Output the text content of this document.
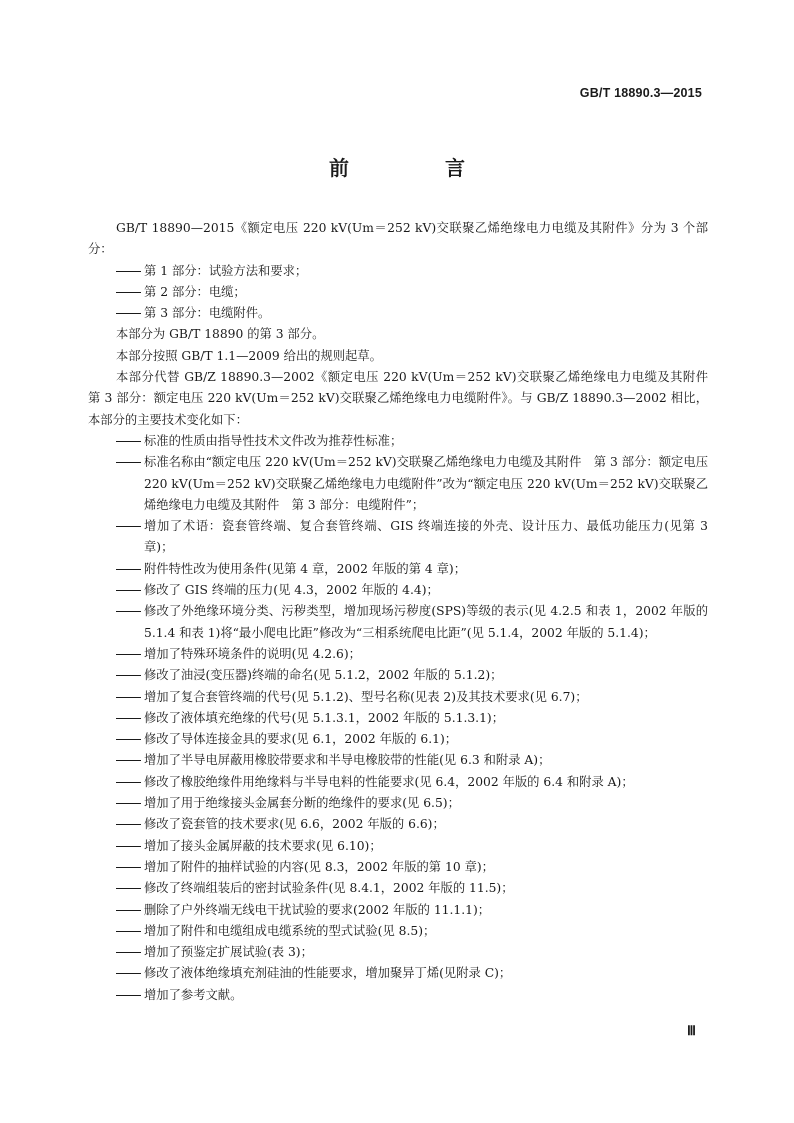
GB/T 18890.3—2015
前　言

GB/T 18890—2015《额定电压 220 kV(Um＝252 kV)交联聚乙烯绝缘电力电缆及其附件》分为 3 个部分：

第 1 部分：试验方法和要求；
第 2 部分：电缆；
第 3 部分：电缆附件。

本部分为 GB/T 18890 的第 3 部分。

本部分按照 GB/T 1.1—2009 给出的规则起草。

本部分代替 GB/Z 18890.3—2002《额定电压 220 kV(Um＝252 kV)交联聚乙烯绝缘电力电缆及其附件　第 3 部分：额定电压 220 kV(Um＝252 kV)交联聚乙烯绝缘电力电缆附件》。与 GB/Z 18890.3—2002 相比，本部分的主要技术变化如下：

标准的性质由指导性技术文件改为推荐性标准；
标准名称由“额定电压 220 kV(Um＝252 kV)交联聚乙烯绝缘电力电缆及其附件　第 3 部分：额定电压 220 kV(Um＝252 kV)交联聚乙烯绝缘电力电缆附件”改为“额定电压 220 kV(Um＝252 kV)交联聚乙烯绝缘电力电缆及其附件　第 3 部分：电缆附件”；
增加了术语：瓷套管终端、复合套管终端、GIS 终端连接的外壳、设计压力、最低功能压力(见第 3 章)；
附件特性改为使用条件(见第 4 章，2002 年版的第 4 章)；
修改了 GIS 终端的压力(见 4.3，2002 年版的 4.4)；
修改了外绝缘环境分类、污秽类型，增加现场污秽度(SPS)等级的表示(见 4.2.5 和表 1，2002 年版的 5.1.4 和表 1)将“最小爬电比距”修改为“三相系统爬电比距”(见 5.1.4，2002 年版的 5.1.4)；
增加了特殊环境条件的说明(见 4.2.6)；
修改了油浸(变压器)终端的命名(见 5.1.2，2002 年版的 5.1.2)；
增加了复合套管终端的代号(见 5.1.2)、型号名称(见表 2)及其技术要求(见 6.7)；
修改了液体填充绝缘的代号(见 5.1.3.1，2002 年版的 5.1.3.1)；
修改了导体连接金具的要求(见 6.1，2002 年版的 6.1)；
增加了半导电屏蔽用橡胶带要求和半导电橡胶带的性能(见 6.3 和附录 A)；
修改了橡胶绝缘件用绝缘料与半导电料的性能要求(见 6.4，2002 年版的 6.4 和附录 A)；
增加了用于绝缘接头金属套分断的绝缘件的要求(见 6.5)；
修改了瓷套管的技术要求(见 6.6，2002 年版的 6.6)；
增加了接头金属屏蔽的技术要求(见 6.10)；
增加了附件的抽样试验的内容(见 8.3，2002 年版的第 10 章)；
修改了终端组装后的密封试验条件(见 8.4.1，2002 年版的 11.5)；
删除了户外终端无线电干扰试验的要求(2002 年版的 11.1.1)；
增加了附件和电缆组成电缆系统的型式试验(见 8.5)；
增加了预鉴定扩展试验(表 3)；
修改了液体绝缘填充剂硅油的性能要求，增加聚异丁烯(见附录 C)；
增加了参考文献。
Ⅲ
